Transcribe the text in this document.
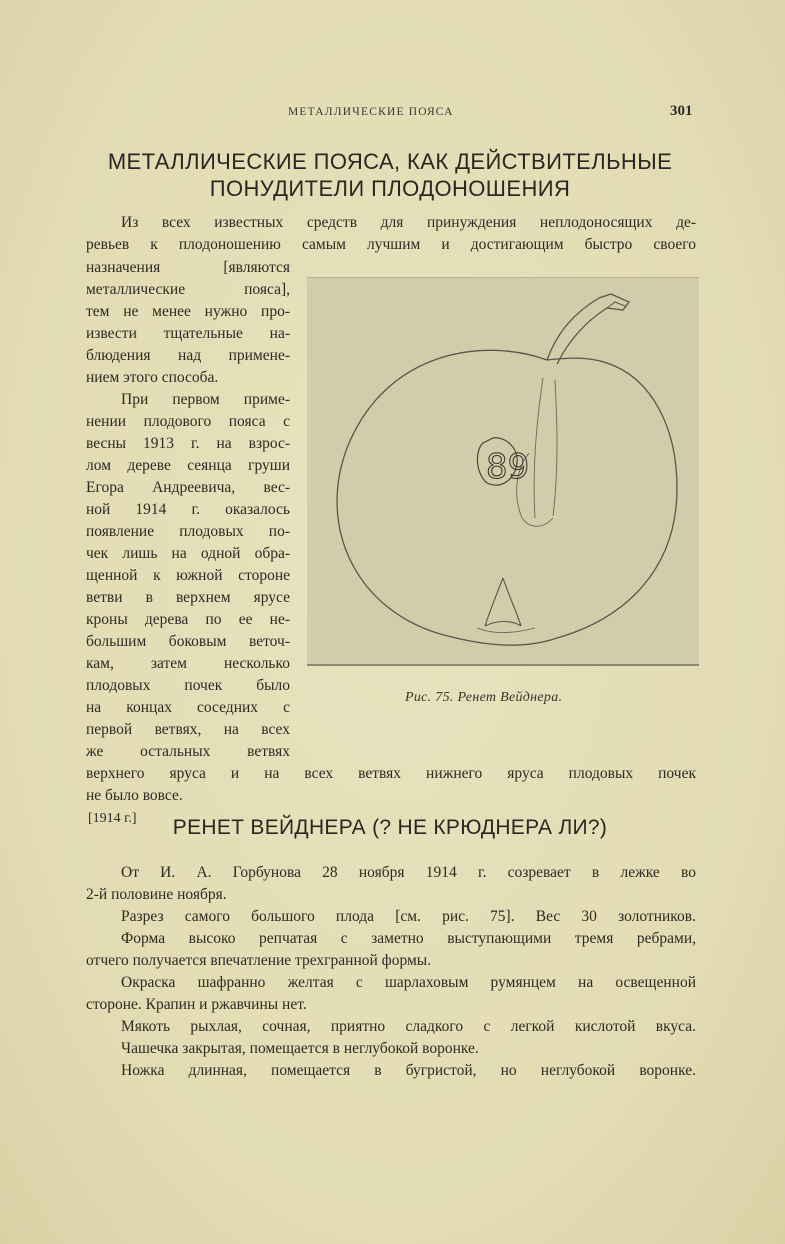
МЕТАЛЛИЧЕСКИЕ ПОЯСА	301
МЕТАЛЛИЧЕСКИЕ ПОЯСА, КАК ДЕЙСТВИТЕЛЬНЫЕ
ПОНУДИТЕЛИ ПЛОДОНОШЕНИЯ
Из всех известных средств для принуждения неплодоносящих де-
ревьев к плодоношению самым лучшим и достигающим быстро своего
назначения [являются
металлические пояса],
тем не менее нужно про-
извести тщательные на-
блюдения над примене-
нием этого способа.
При первом приме-
нении плодового пояса с
весны 1913 г. на взрос-
лом дереве сеянца груши
Егора Андреевича, вес-
ной 1914 г. оказалось
появление плодовых по-
чек лишь на одной обра-
щенной к южной стороне
ветви в верхнем ярусе
кроны дерева по ее не-
большим боковым веточ-
кам, затем несколько
плодовых почек было
на концах соседних с
первой ветвях, на всех
же остальных ветвях
верхнего яруса и на всех ветвях нижнего яруса плодовых почек
не было вовсе.
[1914 г.]
89
Рис. 75. Ренет Вейднера.
РЕНЕТ ВЕЙДНЕРА (? НЕ КРЮДНЕРА ЛИ?)
От И. А. Горбунова 28 ноября 1914 г. созревает в лежке во
2-й половине ноября.
Разрез самого большого плода [см. рис. 75]. Вес 30 золотников.
Форма высоко репчатая с заметно выступающими тремя ребрами,
отчего получается впечатление трехгранной формы.
Окраска шафранно желтая с шарлаховым румянцем на освещенной
стороне. Крапин и ржавчины нет.
Мякоть рыхлая, сочная, приятно сладкого с легкой кислотой вкуса.
Чашечка закрытая, помещается в неглубокой воронке.
Ножка длинная, помещается в бугристой, но неглубокой воронке.
